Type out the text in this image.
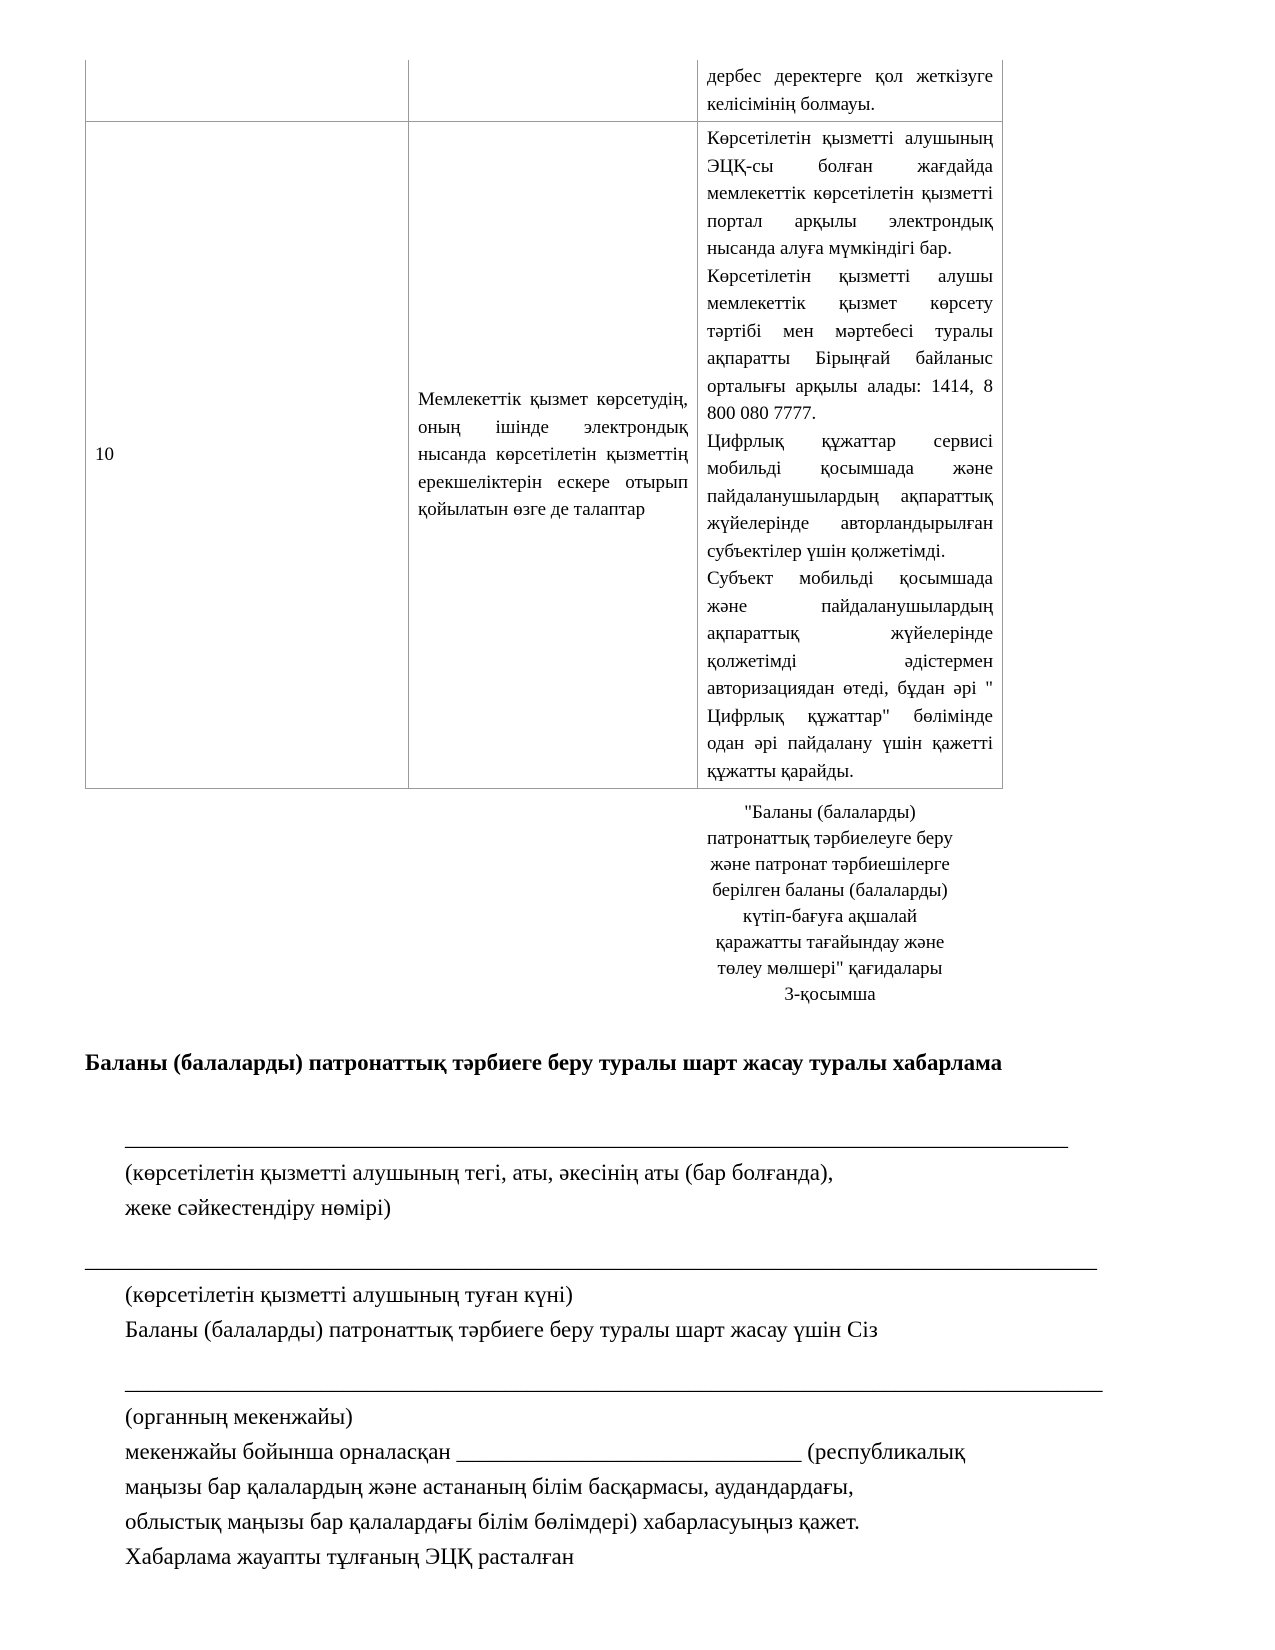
		дербес деректерге қол жеткізуге келісімінің болмауы.

10	Мемлекеттік қызмет көрсетудің, оның ішінде электрондық нысанда көрсетілетін қызметтің ерекшеліктерін ескере отырып қойылатын өзге де талаптар	Көрсетілетін қызметті алушының ЭЦҚ-сы болған жағдайда мемлекеттік көрсетілетін қызметті портал арқылы электрондық нысанда алуға мүмкіндігі бар.

Көрсетілетін қызметті алушы мемлекеттік қызмет көрсету тәртібі мен мәртебесі туралы ақпаратты Бірыңғай байланыс орталығы арқылы алады: 1414, 8 800 080 7777.

Цифрлық құжаттар сервисі мобильді қосымшада және пайдаланушылардың ақпараттық жүйелерінде авторландырылған субъектілер үшін қолжетімді.

Субъект мобильді қосымшада және пайдаланушылардың ақпараттық жүйелерінде қолжетімді әдістермен авторизациядан өтеді, бұдан әрі " Цифрлық құжаттар" бөлімінде одан әрі пайдалану үшін қажетті құжатты қарайды.

"Баланы (балаларды)
патронаттық тәрбиелеуге беру
және патронат тәрбиешілерге
берілген баланы (балаларды)
күтіп-бағуға ақшалай
қаражатты тағайындау және
төлеу мөлшері" қағидалары
3-қосымша
Баланы (балаларды) патронаттық тәрбиеге беру туралы шарт жасау туралы хабарлама
__________________________________________________________________________________
(көрсетілетін қызметті алушының тегі, аты, әкесінің аты (бар болғанда),
жеке сәйкестендіру нөмірі)
________________________________________________________________________________________
(көрсетілетін қызметті алушының туған күні)
Баланы (балаларды) патронаттық тәрбиеге беру туралы шарт жасау үшін Сіз
_____________________________________________________________________________________
(органның мекенжайы)
мекенжайы бойынша орналасқан ______________________________ (республикалық
маңызы бар қалалардың және астананың білім басқармасы, аудандардағы,
облыстық маңызы бар қалалардағы білім бөлімдері) хабарласуыңыз қажет.
Хабарлама жауапты тұлғаның ЭЦҚ расталған
